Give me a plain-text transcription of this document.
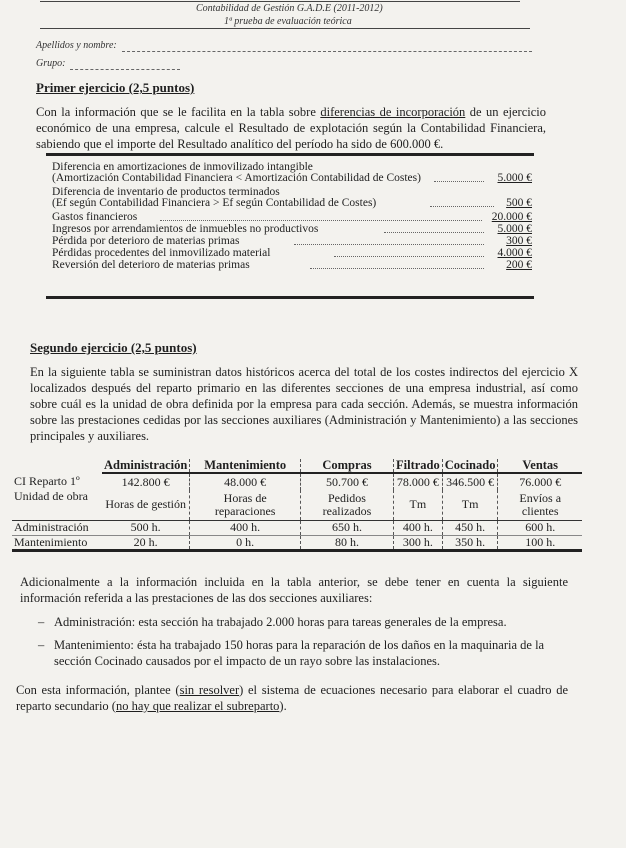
Contabilidad de Gestión G.A.D.E (2011-2012)
1ª prueba de evaluación teórica
Apellidos y nombre:
Grupo:
Primer ejercicio (2,5 puntos)
Con la información que se le facilita en la tabla sobre diferencias de incorporación de un ejercicio económico de una empresa, calcule el Resultado de explotación según la Contabilidad Financiera, sabiendo que el importe del Resultado analítico del período ha sido de 600.000 €.
Diferencia en amortizaciones de inmovilizado intangible
(Amortización Contabilidad Financiera < Amortización Contabilidad de Costes)	5.000 €
Diferencia de inventario de productos terminados
(Ef según Contabilidad Financiera > Ef según Contabilidad de Costes)	500 €
Gastos financieros	20.000 €
Ingresos por arrendamientos de inmuebles no productivos	5.000 €
Pérdida por deterioro de materias primas	300 €
Pérdidas procedentes del inmovilizado material	4.000 €
Reversión del deterioro de materias primas	200 €
Segundo ejercicio (2,5 puntos)
En la siguiente tabla se suministran datos históricos acerca del total de los costes indirectos del ejercicio X localizados después del reparto primario en las diferentes secciones de una empresa industrial, así como sobre cuál es la unidad de obra definida por la empresa para cada sección. Además, se muestra información sobre las prestaciones cedidas por las secciones auxiliares (Administración y Mantenimiento) a las secciones principales y auxiliares.
	Administración	Mantenimiento	Compras	Filtrado	Cocinado	Ventas
CI Reparto 1º	142.800 €	48.000 €	50.700 €	78.000 €	346.500 €	76.000 €
Unidad de obra	Horas de gestión	Horas de reparaciones	Pedidos realizados	Tm	Tm	Envíos a clientes
Administración	500 h.	400 h.	650 h.	400 h.	450 h.	600 h.
Mantenimiento	20 h.	0 h.	80 h.	300 h.	350 h.	100 h.
Adicionalmente a la información incluida en la tabla anterior, se debe tener en cuenta la siguiente información referida a las prestaciones de las dos secciones auxiliares:
– Administración: esta sección ha trabajado 2.000 horas para tareas generales de la empresa.
– Mantenimiento: ésta ha trabajado 150 horas para la reparación de los daños en la maquinaria de la sección Cocinado causados por el impacto de un rayo sobre las instalaciones.
Con esta información, plantee (sin resolver) el sistema de ecuaciones necesario para elaborar el cuadro de reparto secundario (no hay que realizar el subreparto).
